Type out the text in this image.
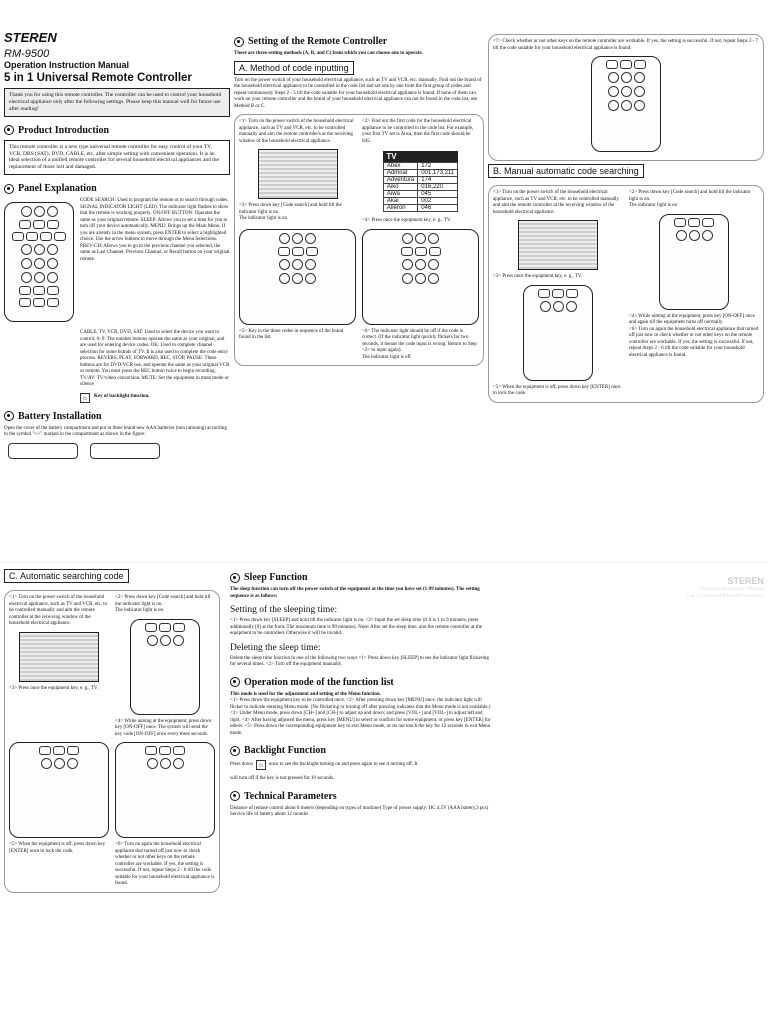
STEREN
RM-9500
Operation Instruction Manual
5 in 1 Universal Remote Controller
Thank you for using this remote controller. The controller can be used to control your household electrical appliance only after the following settings. Please keep this manual well for future use after reading!
Product Introduction
This remote controller is a new type universal remote controller for easy control of your TV, VCR, DBS (SAT), DVD, CABLE, etc, after simple setting with convenient operation. It is an ideal selection of a unified remote controller for several household electrical appliances and the replacement of those lost and damaged.
Panel Explanation
CODE SEARCH: Used to program the remote or to search through codes. SIGNAL INDICATOR LIGHT (LED): The indicator light flashes to show that the remote is working properly. ON/OFF BUTTON: Operates the same as your original remote. SLEEP: Allows you to set a time for you to turn off your device automatically. MENU: Brings up the Main Menu. If you are already in the menu system, press ENTER to select a highlighted choice. Use the arrow buttons to move through the Menu Selections. PREV-CH: Allows you to go to the previous channel you selected, the same as Last Channel, Previous Channel, or Recall button on your original remote.
CABLE, TV, VCR, DVD, SAT: Used to select the device you want to control. 0~9: The number buttons operate the same as your original, and are used for entering device codes. OK: Used to complete channel selection for some brands of TV. It is also used to complete the code entry process. REVERS, PLAY, FORWARD, REC, STOP, PAUSE: These buttons are for DVD/VCR use, and operate the same as your original VCR or remote. You must press the REC button twice to begin recording. TV/AV: TV/video conversion. MUTE: Set the equipment in mute mode or silence
☼	Key of backlight function,
Battery Installation
Open the cover of the battery compartment and put in three brand new AAA batteries (non rationing) according to the symbol "+/-" marked in the compartment as shown in the figure:

Setting of the Remote Controller
There are three setting methods (A, B, and C) from which you can choose one to operate.
A. Method of code inputting
Turn on the power switch of your household electrical appliance, such as TV and VCR, etc. manually. Find out the brand of the household electrical appliance to be controlled in the code list and set one by one from the first group of codes and repeat continuously Steps 2 - 5 till the code suitable for your household electrical appliance is found. If none of them can work on your remote controller and the brand of your household electrical appliance can not be found in the code list, use Method B or C.
<1> Turn on the power switch of the household electrical appliance, such as TV and VCR, etc. to be controlled manually and aim the remote controller's at the receiving window of the household electrical appliance.
<3> Press down key [Code search] and hold till the indicator light is on.
The indicator light is on
<2> Find out the first code for the household electrical appliance to be controlled in the code list. For example, your first TV set is Aiwa, then the first code should be 045.
TV	
Abex	172
Admiral	001,173,211
Adventura	174
Aiko	016,220
Aiwa	045
Akai	002
Alleron	046
<4> Press once the equipment key, e. g., TV.
<5> Key in the three codes in sequence of the brand found in the list.
<6> The indicator light should be off if the code is correct. (If the indicator light quickly flickers for two seconds, it means the code input is wrong. Return to Step <2> to input again).
The indicator light is off
<7> Check whether or not other keys on the remote controller are workable. If yes, the setting is successful. If not, repeat Steps 2 - 7 till the code suitable for your household electrical appliance is found.
B. Manual automatic code searching
<1> Turn on the power switch of the household electrical appliance, such as TV and VCR, etc. to be controlled manually and aim the remote controller at the receiving window of the household electrical appliance.
<3> Press once the equipment key, e. g., TV.
<5> When the equipment is off, press down key [ENTER] once to lock the code.
<2> Press down key [Code search] and hold till the indicator light is on.
The indicator light is on
<4> While aiming at the equipment, press key [ON-OFF] once and again till the equipment turns off normally.
<6> Turn on again the household electrical appliance that turned off just now to check whether or not other keys on the remote controller are workable. If yes, the setting is successful. If not, repeat Steps 2 - 6 till the code suitable for your household electrical appliance is found.
C. Automatic searching code
<1> Turn on the power switch of the household electrical appliance, such as TV and VCR, etc. to be controlled manually and aim the remote controller at the receiving window of the household electrical appliance.
<3> Press once the equipment key, e. g., TV.
<2> Press down key [Code search] and hold till the indicator light is on.
The indicator light is on
<4> While aiming at the equipment, press down key [ON-OFF] once. The system will send the key code [ON-OFF] once every three seconds.
<5> When the equipment is off, press down key [ENTER] once to lock the code.
<6> Turn on again the household electrical appliance that turned off just now to check whether or not other keys on the remote controller are workable. If yes, the setting is successful. If not, repeat Steps 2 - 6 till the code suitable for your household electrical appliance is found.
Sleep Function
The sleep function can turn off the power switch of the equipment at the time you have set (1-99 minutes). The setting sequence is as follows:
Setting of the sleeping time:
<1> Press down key [SLEEP] and hold till the indicator light is on. <2> Input the set sleep time (if it is 1 to 9 minutes, press additionally [0] at the front. The maximum time is 99 minutes). Note: After set the sleep time, aim the remote controller at the equipment to be controlled. Otherwise it will be invalid.
Deleting the sleep time:
Delete the sleep time function in one of the following two ways <1> Press down key [SLEEP] to see the indicator light flickering for several times. <2> Turn off the equipment manually.
Operation mode of the function list
This mode is used for the adjustment and setting of the Menu function.
<1> Press down the equipment key to be controlled once. <2> After pressing down key [MENU] once, the indicator light will flicker to indicate entering Menu mode. (No flickering or turning off after pressing indicates that the Menu mode is not available.) <3> Under Menu mode, press down [CH+] and [CH-] to adjust up and down; and press [VOL+] and [VOL-] to adjust left and right. <4> After having adjusted the menu, press key [MENU] to select or confirm for some equipment, or press key [ENTER] for others. <5> Press down the corresponding equipment key to exit Menu mode, or do not touch the key for 12 seconds to exit Menu mode.
Backlight Function
Press down ☼ once to see the backlight turning on and press again to see it turning off. It
will turn off if the key is not pressed for 10 seconds.
Technical Parameters
Distance of remote control about 8 meters (depending on types of machine) Type of power supply: DC 4.5V (AAA battery,3 pcs) Service life of battery about 12 months
STEREN
Operation Instruction Manual
5 in 1 Universal Remote Controller
